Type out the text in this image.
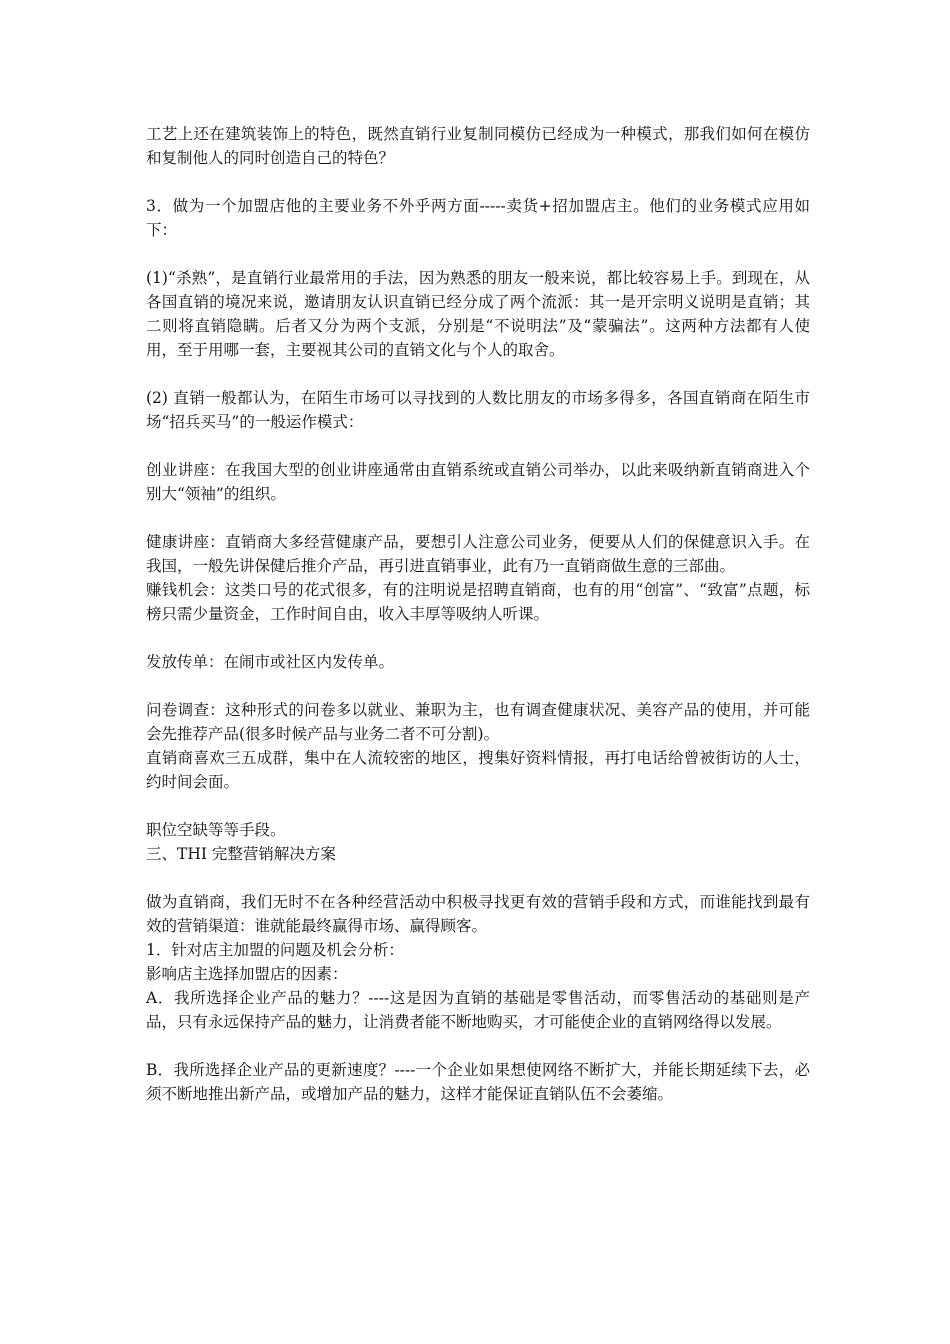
工艺上还在建筑装饰上的特色，既然直销行业复制同模仿已经成为一种模式，那我们如何在模仿和复制他人的同时创造自己的特色？

3．做为一个加盟店他的主要业务不外乎两方面-----卖货+招加盟店主。他们的业务模式应用如下：

(1)“杀熟”，是直销行业最常用的手法，因为熟悉的朋友一般来说，都比较容易上手。到现在，从各国直销的境况来说，邀请朋友认识直销已经分成了两个流派：其一是开宗明义说明是直销；其二则将直销隐瞒。后者又分为两个支派，分别是“不说明法”及“蒙骗法”。这两种方法都有人使用，至于用哪一套，主要视其公司的直销文化与个人的取舍。

(2) 直销一般都认为，在陌生市场可以寻找到的人数比朋友的市场多得多，各国直销商在陌生市场“招兵买马”的一般运作模式：

创业讲座：在我国大型的创业讲座通常由直销系统或直销公司举办，以此来吸纳新直销商进入个别大“领袖”的组织。

健康讲座：直销商大多经营健康产品，要想引人注意公司业务，便要从人们的保健意识入手。在我国，一般先讲保健后推介产品，再引进直销事业，此有乃一直销商做生意的三部曲。

赚钱机会：这类口号的花式很多，有的注明说是招聘直销商，也有的用“创富”、“致富”点题，标榜只需少量资金，工作时间自由，收入丰厚等吸纳人听课。

发放传单：在闹市或社区内发传单。

问卷调查：这种形式的问卷多以就业、兼职为主，也有调查健康状况、美容产品的使用，并可能会先推荐产品(很多时候产品与业务二者不可分割)。

直销商喜欢三五成群，集中在人流较密的地区，搜集好资料情报，再打电话给曾被街访的人士，约时间会面。

职位空缺等等手段。

三、THI 完整营销解决方案

做为直销商，我们无时不在各种经营活动中积极寻找更有效的营销手段和方式，而谁能找到最有效的营销渠道：谁就能最终赢得市场、赢得顾客。

1．针对店主加盟的问题及机会分析：

影响店主选择加盟店的因素：

A．我所选择企业产品的魅力？----这是因为直销的基础是零售活动，而零售活动的基础则是产品，只有永远保持产品的魅力，让消费者能不断地购买，才可能使企业的直销网络得以发展。

B．我所选择企业产品的更新速度？----一个企业如果想使网络不断扩大，并能长期延续下去，必须不断地推出新产品，或增加产品的魅力，这样才能保证直销队伍不会萎缩。
